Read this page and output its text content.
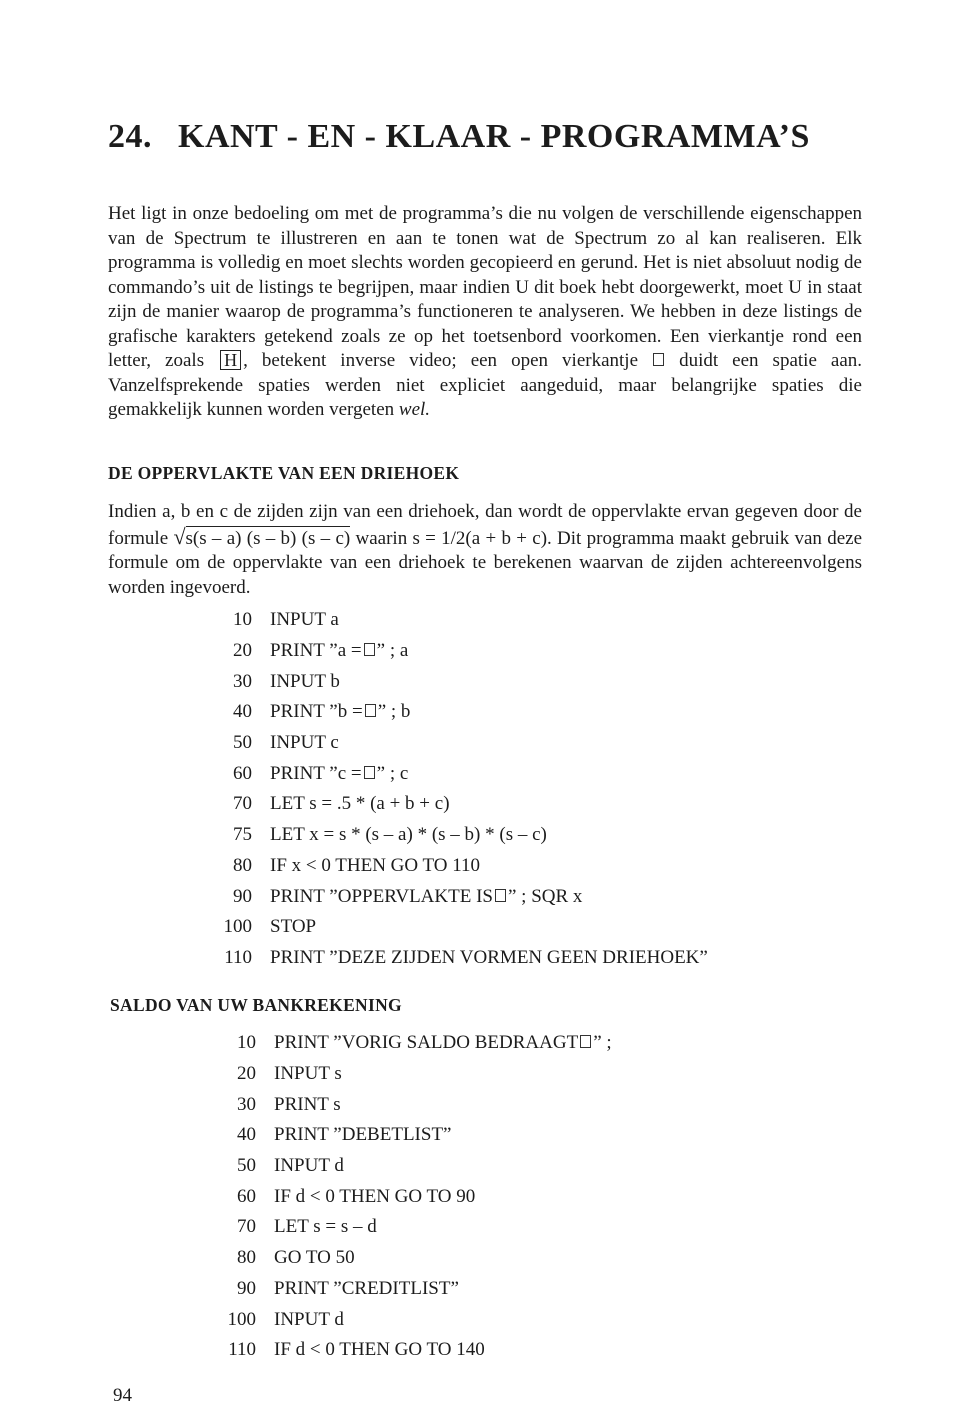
24. KANT - EN - KLAAR - PROGRAMMA’S

Het ligt in onze bedoeling om met de programma’s die nu volgen de verschillende eigenschappen van de Spectrum te illustreren en aan te tonen wat de Spectrum zo al kan realiseren. Elk programma is volledig en moet slechts worden gecopieerd en gerund. Het is niet absoluut nodig de commando’s uit de listings te begrijpen, maar indien U dit boek hebt doorgewerkt, moet U in staat zijn de manier waarop de programma’s functioneren te analyseren. We hebben in deze listings de grafische karakters getekend zoals ze op het toetsenbord voorkomen. Een vierkantje rond een letter, zoals H , betekent inverse video; een open vierkantje duidt een spatie aan. Vanzelfsprekende spaties werden niet expliciet aangeduid, maar belangrijke spaties die gemakkelijk kunnen worden vergeten wel.

DE OPPERVLAKTE VAN EEN DRIEHOEK

Indien a, b en c de zijden zijn van een driehoek, dan wordt de oppervlakte ervan gegeven door de formule √s(s – a) (s – b) (s – c) waarin s = 1/2(a + b + c). Dit programma maakt gebruik van deze formule om de oppervlakte van een driehoek te berekenen waarvan de zijden achtereenvolgens worden ingevoerd.

10 INPUT a
20 PRINT ”a = ” ; a
30 INPUT b
40 PRINT ”b = ” ; b
50 INPUT c
60 PRINT ”c = ” ; c
70 LET s = .5 * (a + b + c)
75 LET x = s * (s – a) * (s – b) * (s – c)
80 IF x < 0 THEN GO TO 110
90 PRINT ”OPPERVLAKTE IS ” ; SQR x
100 STOP
110 PRINT ”DEZE ZIJDEN VORMEN GEEN DRIEHOEK”
SALDO VAN UW BANKREKENING
10 PRINT ”VORIG SALDO BEDRAAGT ” ;
20 INPUT s
30 PRINT s
40 PRINT ”DEBETLIST”
50 INPUT d
60 IF d < 0 THEN GO TO 90
70 LET s = s – d
80 GO TO 50
90 PRINT ”CREDITLIST”
100 INPUT d
110 IF d < 0 THEN GO TO 140

94
